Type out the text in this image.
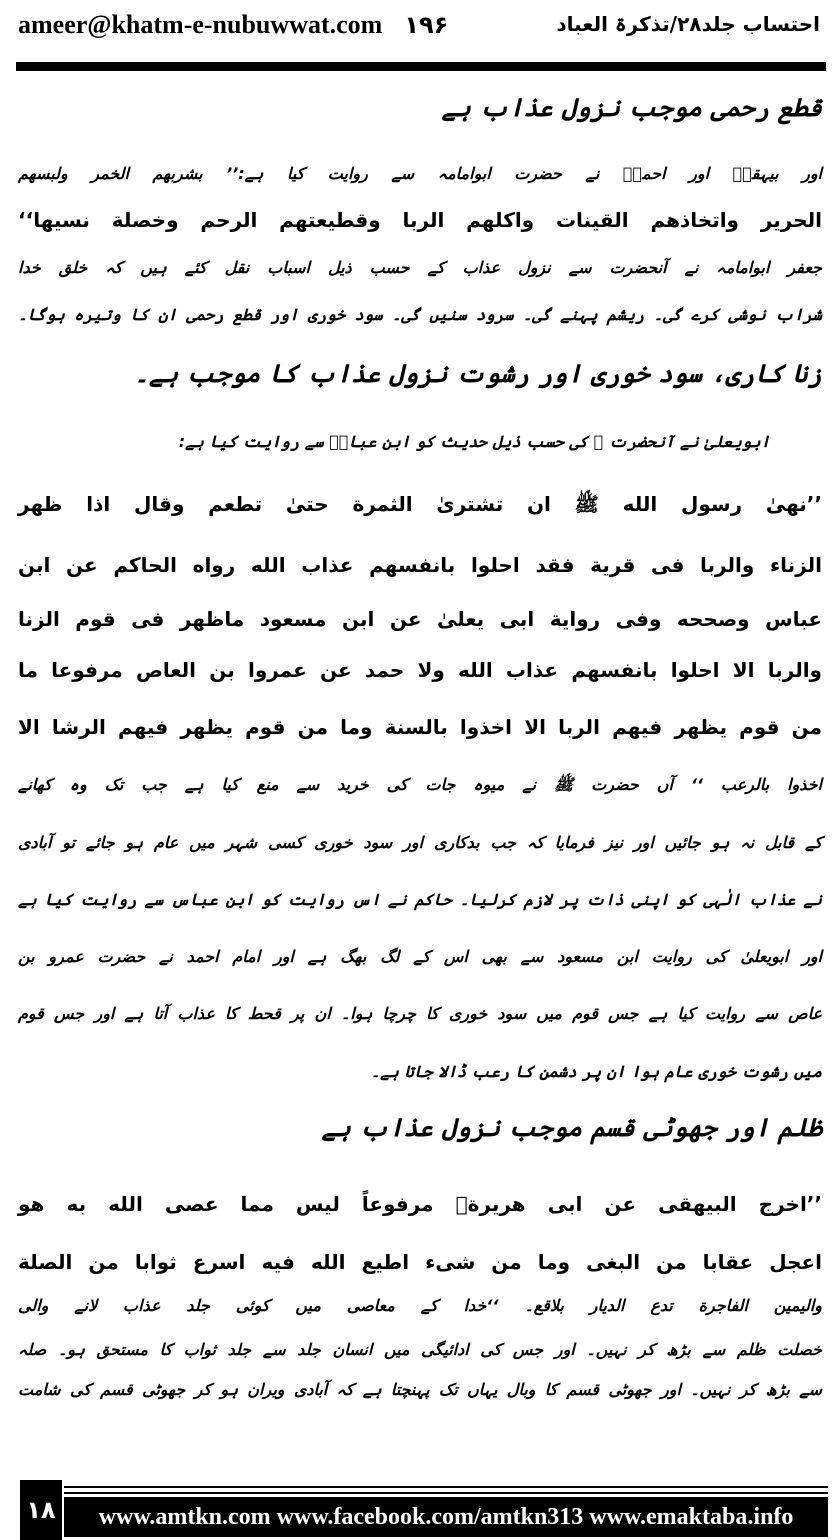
ameer@khatm-e-nubuwwat.com ۱۹۶	احتساب جلد۲۸/تذکرۃ العباد
قطع رحمی موجب نزول عذاب ہے
اور بیہقیؒ اور احمدؒ نے حضرت ابوامامہ سے روایت کیا ہے:’’ بشربهم الخمر ولبسهم
الحرير واتخاذهم القينات واكلهم الربا وقطيعتهم الرحم وخصلة نسيها‘‘
جعفر ابوامامہ نے آنحضرت سے نزول عذاب کے حسب ذیل اسباب نقل کئے ہیں کہ خلق خدا
شراب نوشی کرے گی۔ ریشم پہنے گی۔ سرود سنیں گی۔ سود خوری اور قطع رحمی ان کا وتیرہ ہوگا۔
زنا کاری، سود خوری اور رشوت نزول عذاب کا موجب ہے۔
ابویعلیٰ نے آنحضرت ﷺ کی حسب ذیل حدیث کو ابن عباسؓ سے روایت کیا ہے:
’’نهىٰ رسول الله ﷺ ان تشترىٰ الثمرة حتىٰ تطعم وقال اذا ظهر
الزناء والربا فى قرية فقد احلوا بانفسهم عذاب الله رواه الحاكم عن ابن
عباس وصححه وفى رواية ابى يعلىٰ عن ابن مسعود ماظهر فى قوم الزنا
والربا الا احلوا بانفسهم عذاب الله ولا حمد عن عمروا بن العاص مرفوعا ما
من قوم يظهر فيهم الربا الا اخذوا بالسنة وما من قوم يظهر فيهم الرشا الا
اخذوا بالرعب ‘‘ آں حضرت ﷺ نے میوہ جات کی خرید سے منع کیا ہے جب تک وہ کھانے
کے قابل نہ ہو جائیں اور نیز فرمایا کہ جب بدکاری اور سود خوری کسی شہر میں عام ہو جائے تو آبادی
نے عذاب الٰہی کو اپنی ذات پر لازم کرلیا۔ حاکم نے اس روایت کو ابن عباس سے روایت کیا ہے
اور ابویعلیٰ کی روایت ابن مسعود سے بھی اس کے لگ بھگ ہے اور امام احمد نے حضرت عمرو بن
عاص سے روایت کیا ہے جس قوم میں سود خوری کا چرچا ہوا۔ ان پر قحط کا عذاب آتا ہے اور جس قوم
میں رشوت خوری عام ہوا ان پر دشمن کا رعب ڈالا جاتا ہے۔
ظلم اور جھوٹی قسم موجب نزول عذاب ہے
’’اخرج البيهقى عن ابى هريرةؓ مرفوعاً ليس مما عصى الله به هو
اعجل عقابا من البغى وما من شىء اطيع الله فيه اسرع ثوابا من الصلة
واليمين الفاجرة تدع الديار بلاقع۔ ‘‘خدا کے معاصی میں کوئی جلد عذاب لانے والی
خصلت ظلم سے بڑھ کر نہیں۔ اور جس کی ادائیگی میں انسان جلد سے جلد ثواب کا مستحق ہو۔ صلہ
سے بڑھ کر نہیں۔ اور جھوٹی قسم کا وبال یہاں تک پہنچتا ہے کہ آبادی ویران ہو کر جھوٹی قسم کی شامت
۱۸	www.amtkn.com www.facebook.com/amtkn313 www.emaktaba.info
